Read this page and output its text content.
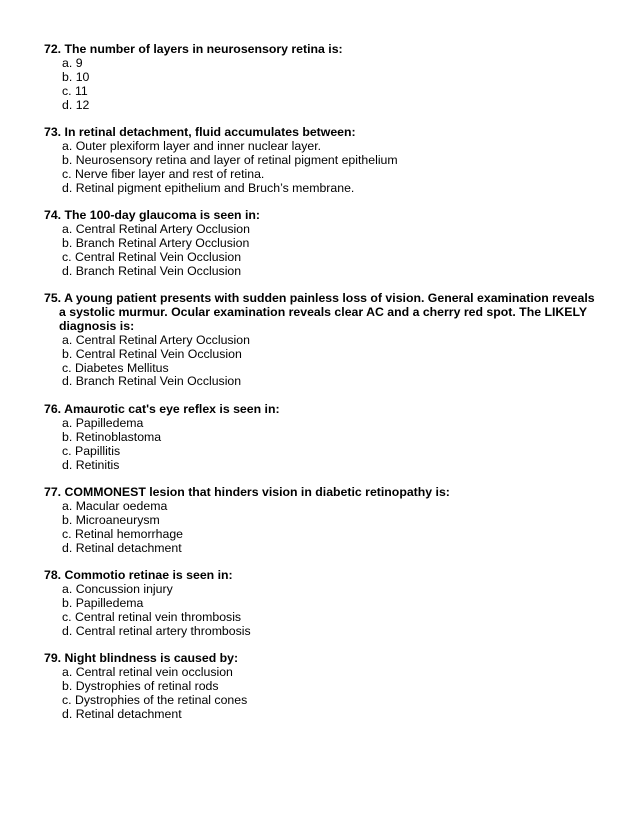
72. The number of layers in neurosensory retina is:

a. 9
b. 10
c. 11
d. 12

73. In retinal detachment, fluid accumulates between:

a. Outer plexiform layer and inner nuclear layer.
b. Neurosensory retina and layer of retinal pigment epithelium
c. Nerve fiber layer and rest of retina.
d. Retinal pigment epithelium and Bruch’s membrane.

74. The 100-day glaucoma is seen in:

a. Central Retinal Artery Occlusion
b. Branch Retinal Artery Occlusion
c. Central Retinal Vein Occlusion
d. Branch Retinal Vein Occlusion

75. A young patient presents with sudden painless loss of vision. General examination reveals a systolic murmur. Ocular examination reveals clear AC and a cherry red spot. The LIKELY diagnosis is:

a. Central Retinal Artery Occlusion
b. Central Retinal Vein Occlusion
c. Diabetes Mellitus
d. Branch Retinal Vein Occlusion

76. Amaurotic cat's eye reflex is seen in:

a. Papilledema
b. Retinoblastoma
c. Papillitis
d. Retinitis

77. COMMONEST lesion that hinders vision in diabetic retinopathy is:

a. Macular oedema
b. Microaneurysm
c. Retinal hemorrhage
d. Retinal detachment

78. Commotio retinae is seen in:

a. Concussion injury
b. Papilledema
c. Central retinal vein thrombosis
d. Central retinal artery thrombosis

79. Night blindness is caused by:

a. Central retinal vein occlusion
b. Dystrophies of retinal rods
c. Dystrophies of the retinal cones
d. Retinal detachment
